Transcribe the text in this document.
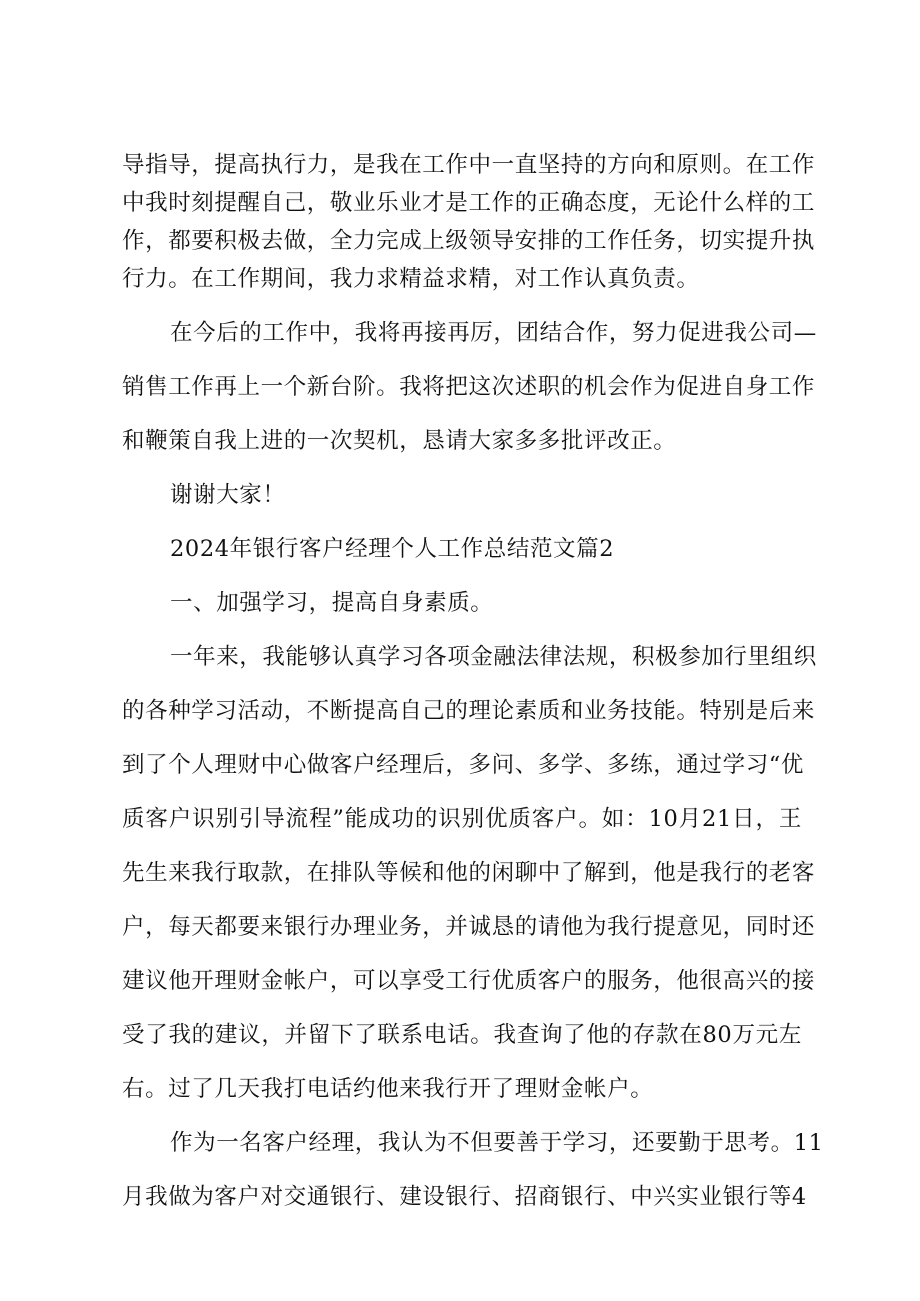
导指导，提高执行力，是我在工作中一直坚持的方向和原则。在工作
中我时刻提醒自己，敬业乐业才是工作的正确态度，无论什么样的工
作，都要积极去做，全力完成上级领导安排的工作任务，切实提升执
行力。在工作期间，我力求精益求精，对工作认真负责。
在今后的工作中，我将再接再厉，团结合作，努力促进我公司—
销售工作再上一个新台阶。我将把这次述职的机会作为促进自身工作
和鞭策自我上进的一次契机，恳请大家多多批评改正。
谢谢大家！
2024年银行客户经理个人工作总结范文篇2
一、加强学习，提高自身素质。
一年来，我能够认真学习各项金融法律法规，积极参加行里组织
的各种学习活动，不断提高自己的理论素质和业务技能。特别是后来
到了个人理财中心做客户经理后，多问、多学、多练，通过学习“优
质客户识别引导流程”能成功的识别优质客户。如：10月21日，王
先生来我行取款，在排队等候和他的闲聊中了解到，他是我行的老客
户，每天都要来银行办理业务，并诚恳的请他为我行提意见，同时还
建议他开理财金帐户，可以享受工行优质客户的服务，他很高兴的接
受了我的建议，并留下了联系电话。我查询了他的存款在80万元左
右。过了几天我打电话约他来我行开了理财金帐户。
作为一名客户经理，我认为不但要善于学习，还要勤于思考。11
月我做为客户对交通银行、建设银行、招商银行、中兴实业银行等4
